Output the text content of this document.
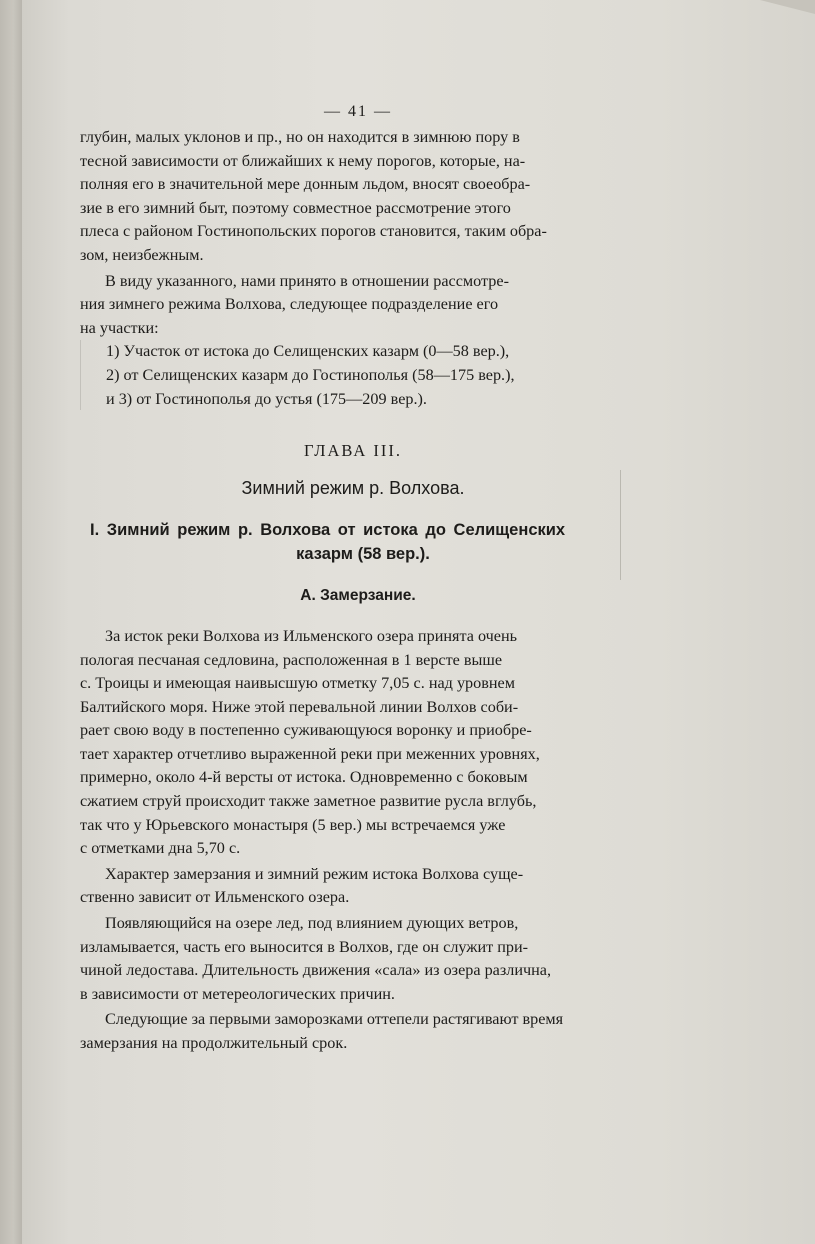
— 41 —

глубин, малых уклонов и пр., но он находится в зимнюю пору в

тесной зависимости от ближайших к нему порогов, которые, на-

полняя его в значительной мере донным льдом, вносят своеобра-

зие в его зимний быт, поэтому совместное рассмотрение этого

плеса с районом Гостинопольских порогов становится, таким обра-

зом, неизбежным.

В виду указанного, нами принято в отношении рассмотре-

ния зимнего режима Волхова, следующее подразделение его

на участки:

1) Участок от истока до Селищенских казарм (0—58 вер.),
2) от Селищенских казарм до Гостинополья (58—175 вер.),
и 3) от Гостинополья до устья (175—209 вер.).
ГЛАВА III.
Зимний режим р. Волхова.
I. Зимний режим р. Волхова от истока до Селищенских
казарм (58 вер.).
А. Замерзание.

За исток реки Волхова из Ильменского озера принята очень

пологая песчаная седловина, расположенная в 1 версте выше

с. Троицы и имеющая наивысшую отметку 7,05 с. над уровнем

Балтийского моря. Ниже этой перевальной линии Волхов соби-

рает свою воду в постепенно суживающуюся воронку и приобре-

тает характер отчетливо выраженной реки при меженних уровнях,

примерно, около 4-й версты от истока. Одновременно с боковым

сжатием струй происходит также заметное развитие русла вглубь,

так что у Юрьевского монастыря (5 вер.) мы встречаемся уже

с отметками дна 5,70 с.

Характер замерзания и зимний режим истока Волхова суще-

ственно зависит от Ильменского озера.

Появляющийся на озере лед, под влиянием дующих ветров,

изламывается, часть его выносится в Волхов, где он служит при-

чиной ледостава. Длительность движения «сала» из озера различна,

в зависимости от метереологических причин.

Следующие за первыми заморозками оттепели растягивают время

замерзания на продолжительный срок.
